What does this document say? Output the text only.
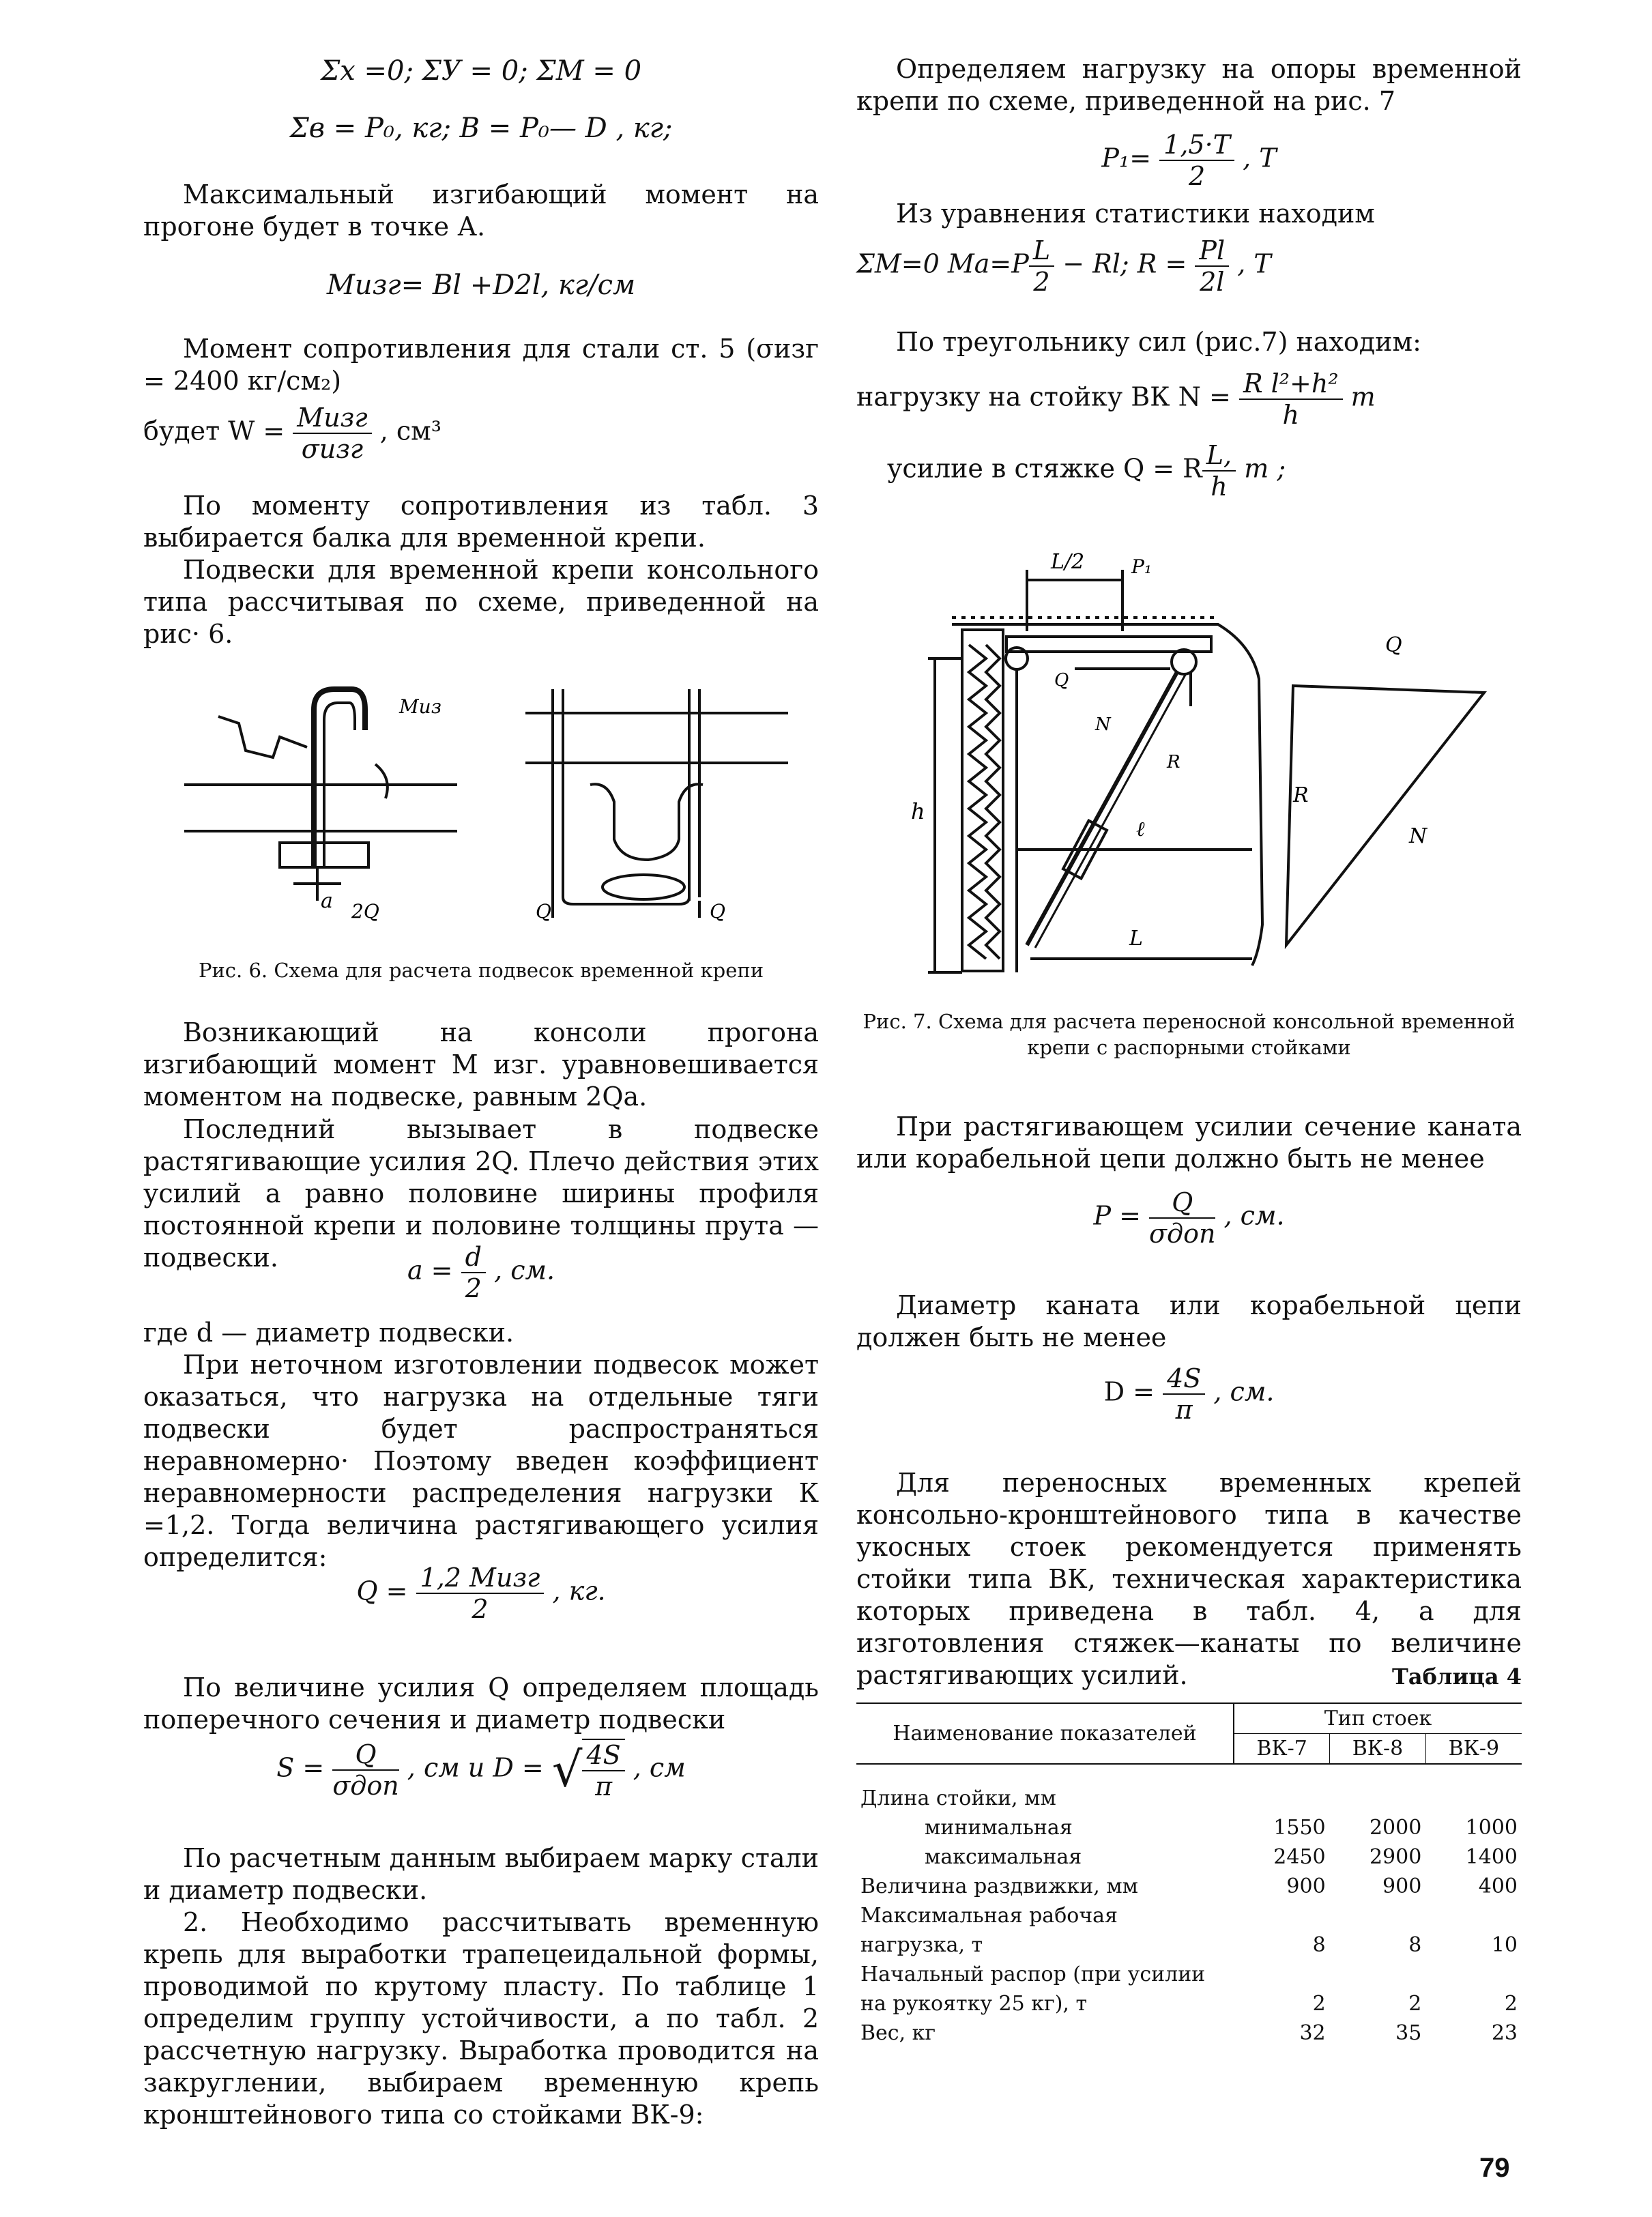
Σx =0; ΣУ = 0; ΣM = 0
Σв = P₀, кг; B = P₀— D , кг;

Максимальный изгибающий момент на прогоне будет в точке А.

Mизг= Bl +D2l, кг/см

Момент сопротивления для стали ст. 5 (σизг = 2400 кг/см₂)

будет $W = \frac{\text{Mизг}}{\text{σизг}}$ , см³

По моменту сопротивления из табл. 3 выбирается балка для временной крепи.

Подвески для временной крепи консольного типа рассчитывая по схеме, приведенной на рис· 6.

Mиз
a 2Q	Q	Q
Рис. 6. Схема для расчета подвесок временной крепи

Возникающий на консоли прогона изгибающий момент M изг. уравновешивается моментом на подвеске, равным 2Qa.

Последний вызывает в подвеске растягивающие усилия 2Q. Плечо действия этих усилий a равно половине ширины профиля постоянной крепи и половине толщины прута — подвески.	$a = \frac{d}{2}$ , см.

где d — диаметр подвески.

При неточном изготовлении подвесок может оказаться, что нагрузка на отдельные тяги подвески будет распространяться неравномерно· Поэтому введен коэффициент неравномерности распределения нагрузки К =1,2. Тогда величина растягивающего усилия определится:

$Q = \frac{\text{1,2 Mизг}}{2}$ , кг.

По величине усилия Q определяем площадь поперечного сечения и диаметр подвески

$S = \frac{Q}{\text{σдоп}}$ , см и D = √ $\frac{4S}{\pi}$ , см

По расчетным данным выбираем марку стали и диаметр подвески.

2. Необходимо рассчитывать временную крепь для выработки трапецеидальной формы, проводимой по крутому пласту. По таблице 1 определим группу устойчивости, а по табл. 2 рассчетную нагрузку. Выработка проводится на закруглении, выбираем временную крепь кронштейнового типа со стойками ВК-9:

Определяем нагрузку на опоры временной крепи по схеме, приведенной на рис. 7

$P_1= \frac{1,5\cdot T}{2}$ , T

Из уравнения статистики находим

ΣM=0 $Mа=P \frac{L}{2} - Rl$; $R = \frac{Pl}{2l}$ , T

По треугольнику сил (рис.7) находим:

нагрузку на стойку ВК $N = \frac{\text{R l²+h²}}{h}$ т
усилие в стяжке Q = R $\frac{L,}{h}$ т ;
L/2 P₁
Q
N
R
h
ℓ
L
Q
R
N
Рис. 7. Схема для расчета переносной консольной временной крепи с распорными стойками

При растягивающем усилии сечение каната или корабельной цепи должно быть не менее

$P = \frac{Q}{\text{σдоп}}$ , см.

Диаметр каната или корабельной цепи должен быть не менее

$D = \frac{4S}{\pi}$ , см.

Для переносных временных крепей консольно-кронштейнового типа в качестве укосных стоек рекомендуется применять стойки типа ВК, техническая характеристика которых приведена в табл. 4, а для изготовления стяжек—канаты по величине растягивающих усилий.	Таблица 4
Наименование показателей	Тип стоек		
	ВК-7	ВК-8	ВК-9

Длина стойки, мм			
минимальная	1550	2000	1000
максимальная	2450	2900	1400
Величина раздвижки, мм	900	900	400
Максимальная рабочая			
нагрузка, т	8	8	10
Начальный распор (при усилии			
на рукоятку 25 кг), т	2	2	2
Вес, кг	32	35	23
79
